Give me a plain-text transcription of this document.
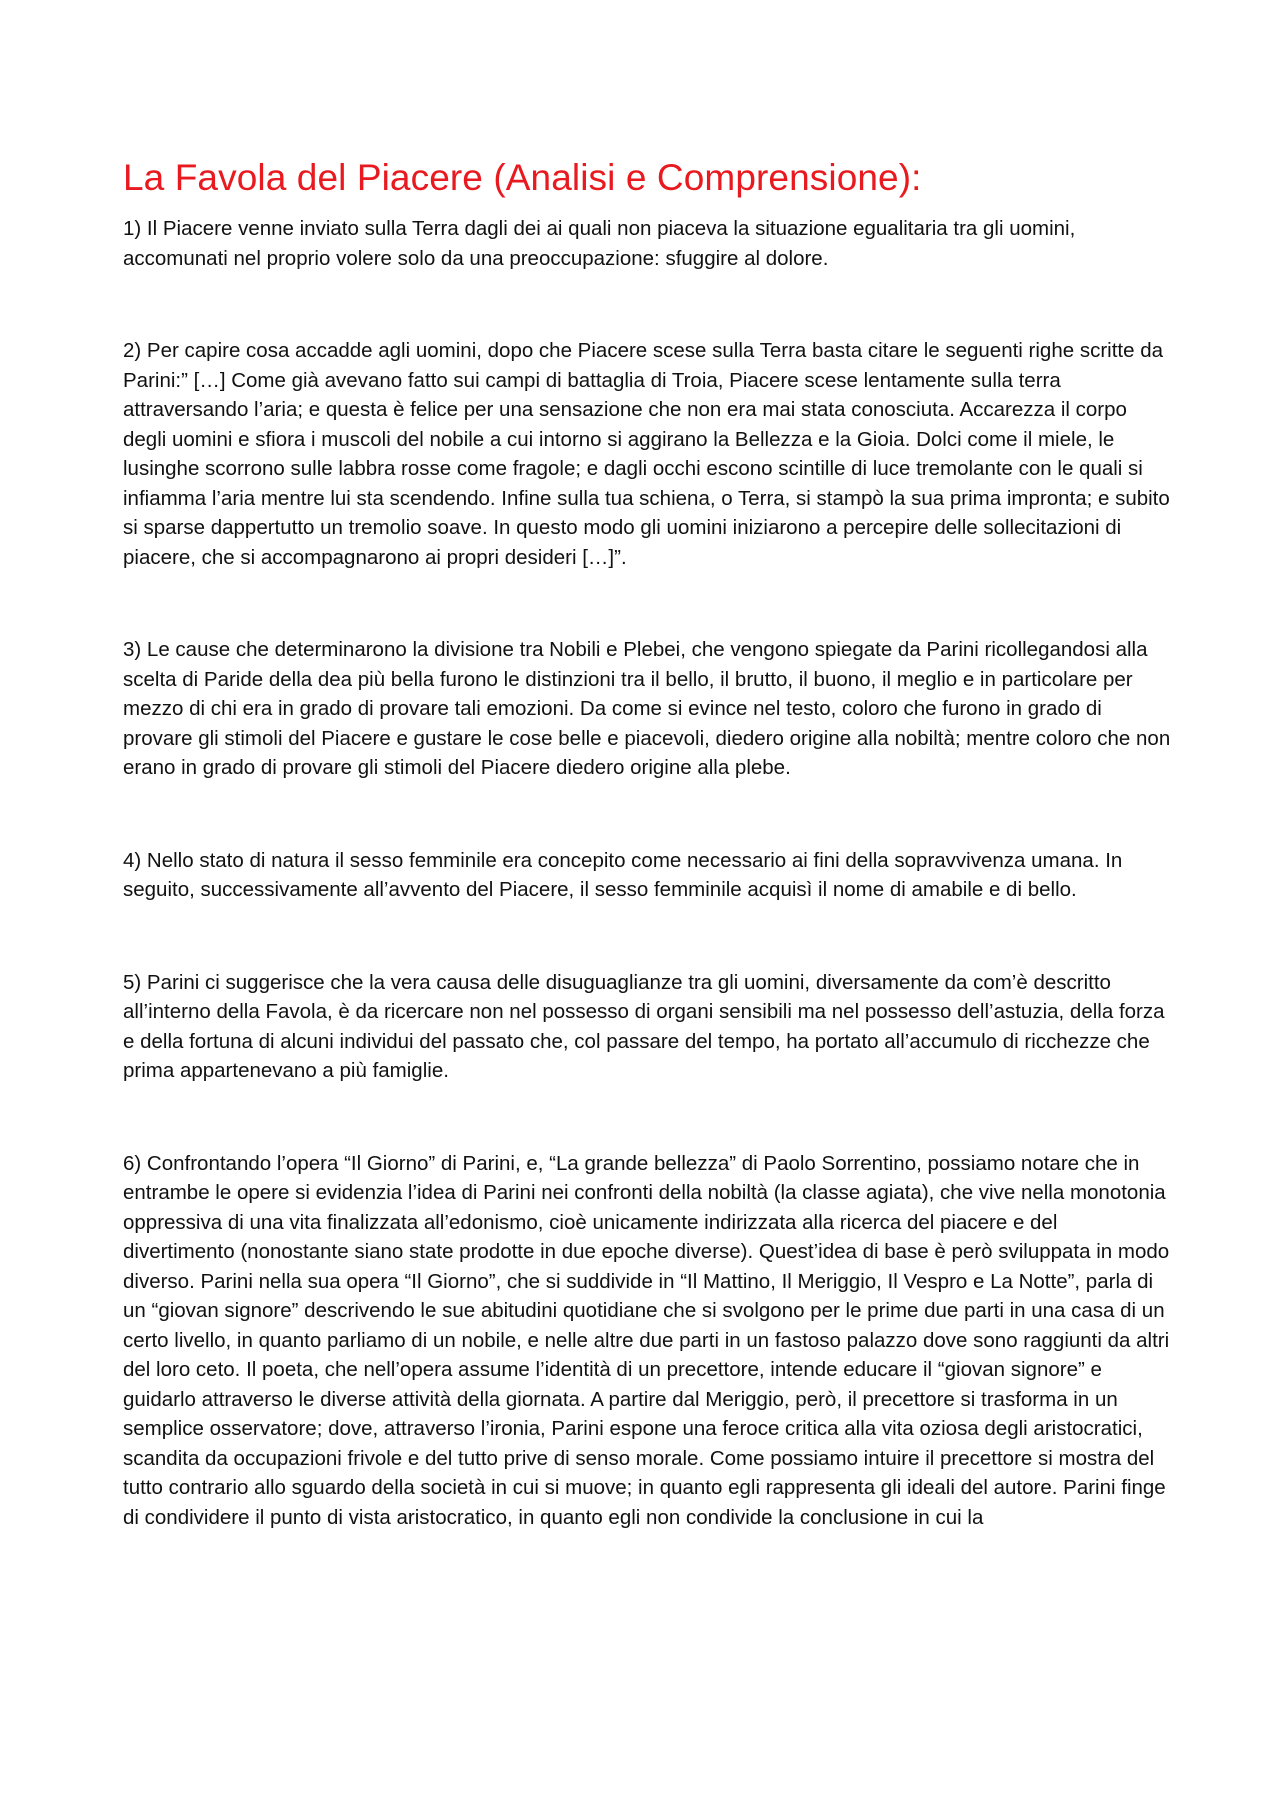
La Favola del Piacere (Analisi e Comprensione):

1) Il Piacere venne inviato sulla Terra dagli dei ai quali non piaceva la situazione egualitaria tra gli uomini, accomunati nel proprio volere solo da una preoccupazione: sfuggire al dolore.

2) Per capire cosa accadde agli uomini, dopo che Piacere scese sulla Terra basta citare le seguenti righe scritte da Parini:” […] Come già avevano fatto sui campi di battaglia di Troia, Piacere scese lentamente sulla terra attraversando l’aria; e questa è felice per una sensazione che non era mai stata conosciuta. Accarezza il corpo degli uomini e sfiora i muscoli del nobile a cui intorno si aggirano la Bellezza e la Gioia. Dolci come il miele, le lusinghe scorrono sulle labbra rosse come fragole; e dagli occhi escono scintille di luce tremolante con le quali si infiamma l’aria mentre lui sta scendendo. Infine sulla tua schiena, o Terra, si stampò la sua prima impronta; e subito si sparse dappertutto un tremolio soave. In questo modo gli uomini iniziarono a percepire delle sollecitazioni di piacere, che si accompagnarono ai propri desideri […]”.

3) Le cause che determinarono la divisione tra Nobili e Plebei, che vengono spiegate da Parini ricollegandosi alla scelta di Paride della dea più bella furono le distinzioni tra il bello, il brutto, il buono, il meglio e in particolare per mezzo di chi era in grado di provare tali emozioni. Da come si evince nel testo, coloro che furono in grado di provare gli stimoli del Piacere e gustare le cose belle e piacevoli, diedero origine alla nobiltà; mentre coloro che non erano in grado di provare gli stimoli del Piacere diedero origine alla plebe.

4) Nello stato di natura il sesso femminile era concepito come necessario ai fini della sopravvivenza umana. In seguito, successivamente all’avvento del Piacere, il sesso femminile acquisì il nome di amabile e di bello.

5) Parini ci suggerisce che la vera causa delle disuguaglianze tra gli uomini, diversamente da com’è descritto all’interno della Favola, è da ricercare non nel possesso di organi sensibili ma nel possesso dell’astuzia, della forza e della fortuna di alcuni individui del passato che, col passare del tempo, ha portato all’accumulo di ricchezze che prima appartenevano a più famiglie.

6) Confrontando l’opera “Il Giorno” di Parini, e, “La grande bellezza” di Paolo Sorrentino, possiamo notare che in entrambe le opere si evidenzia l’idea di Parini nei confronti della nobiltà (la classe agiata), che vive nella monotonia oppressiva di una vita finalizzata all’edonismo, cioè unicamente indirizzata alla ricerca del piacere e del divertimento (nonostante siano state prodotte in due epoche diverse). Quest’idea di base è però sviluppata in modo diverso. Parini nella sua opera “Il Giorno”, che si suddivide in “Il Mattino, Il Meriggio, Il Vespro e La Notte”, parla di un “giovan signore” descrivendo le sue abitudini quotidiane che si svolgono per le prime due parti in una casa di un certo livello, in quanto parliamo di un nobile, e nelle altre due parti in un fastoso palazzo dove sono raggiunti da altri del loro ceto. Il poeta, che nell’opera assume l’identità di un precettore, intende educare il “giovan signore” e guidarlo attraverso le diverse attività della giornata. A partire dal Meriggio, però, il precettore si trasforma in un semplice osservatore; dove, attraverso l’ironia, Parini espone una feroce critica alla vita oziosa degli aristocratici, scandita da occupazioni frivole e del tutto prive di senso morale. Come possiamo intuire il precettore si mostra del tutto contrario allo sguardo della società in cui si muove; in quanto egli rappresenta gli ideali del autore. Parini finge di condividere il punto di vista aristocratico, in quanto egli non condivide la conclusione in cui la
